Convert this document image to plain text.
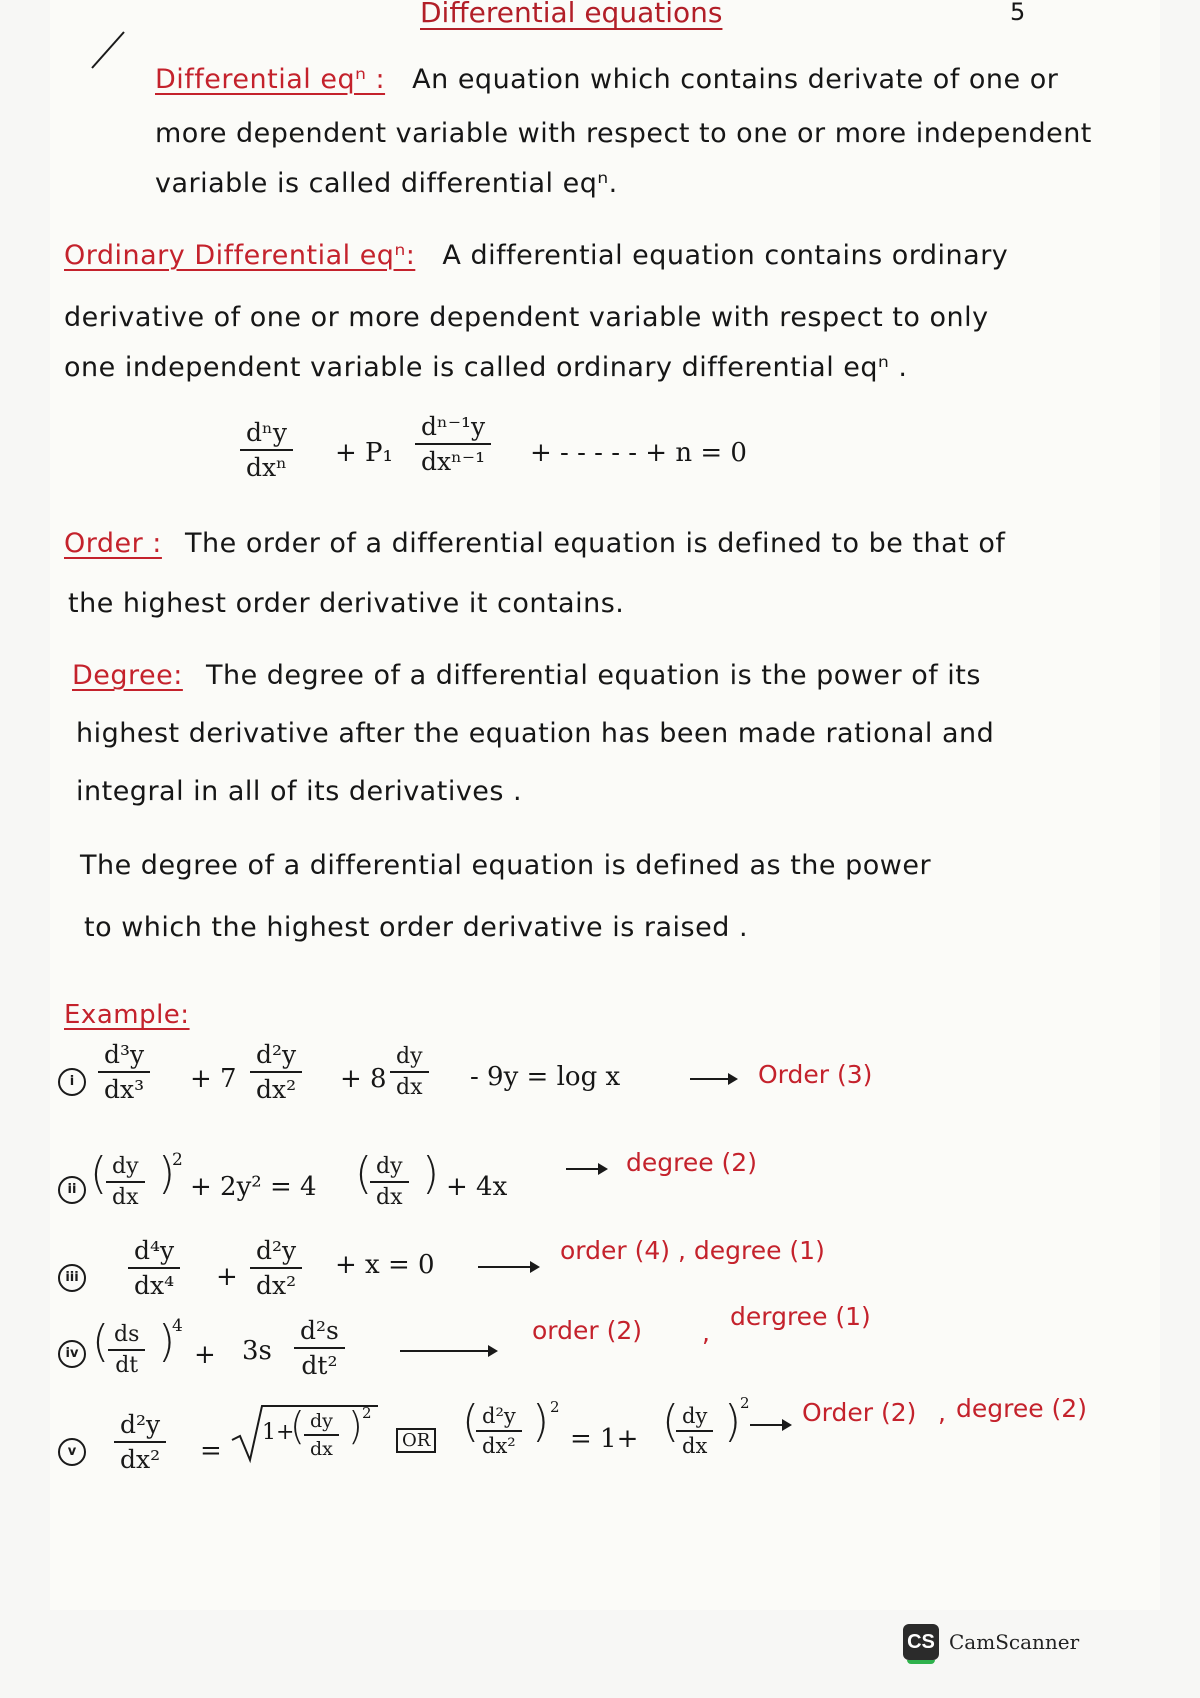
Differential equations	5
Differential eqⁿ : An equation which contains derivate of one or
more dependent variable with respect to one or more independent
variable is called differential eqⁿ.
Ordinary Differential eqⁿ: A differential equation contains ordinary
derivative of one or more dependent variable with respect to only
one independent variable is called ordinary differential eqⁿ .
dⁿy
dxⁿ + P₁
dⁿ⁻¹y
dxⁿ⁻¹ + - - - - - + n = 0
Order : The order of a differential equation is defined to be that of
the highest order derivative it contains.
Degree: The degree of a differential equation is the power of its
highest derivative after the equation has been made rational and
integral in all of its derivatives .
The degree of a differential equation is defined as the power
to which the highest order derivative is raised .
Example:
i $\frac{\text{d³y}}{\text{dx³}} + 7 \frac{\text{d²y}}{\text{dx²}} + 8 \frac{dy}{dx} - 9y = \log x$	Order (3)
ii (
$\frac{dy}{dx}$ )
2
+ 2y² = 4 (
$\frac{dy}{dx}$ ) + 4x
degree (2)
iii $\frac{\text{d⁴y}}{\text{dx⁴}} + \frac{\text{d²y}}{\text{dx²}} + x = 0$	order (4) , degree (1)
iv (
$\frac{ds}{dt}$ )
4
+ $3s \frac{\text{d²s}}{\text{dt²}}$	order (2) ,
dergree (1)
v	$\frac{\text{d²y}}{\text{dx²}}$ =
1+
( $\frac{dy}{dx}$ ) 2
OR (
$\frac{\text{d²y}}{\text{dx²}}$ ) 2
= 1+ (
$\frac{dy}{dx}$ )
2 Order (2) , degree (2)
CS CamScanner
